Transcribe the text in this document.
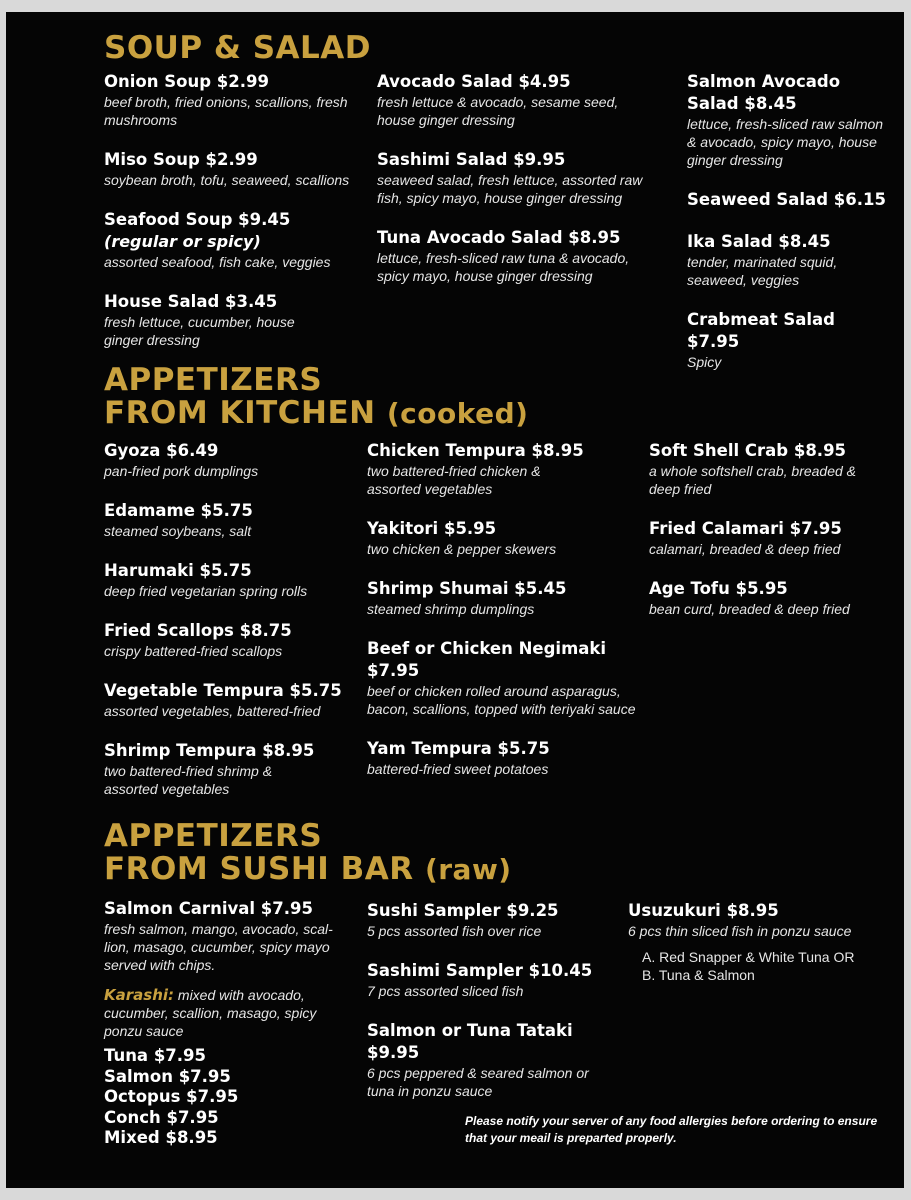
SOUP & SALAD
Onion Soup $2.99
beef broth, fried onions, scallions, fresh mushrooms
Miso Soup $2.99
soybean broth, tofu, seaweed, scallions
Seafood Soup $9.45
(regular or spicy)
assorted seafood, fish cake, veggies
House Salad $3.45
fresh lettuce, cucumber, house ginger dressing
Avocado Salad $4.95
fresh lettuce & avocado, sesame seed, house ginger dressing
Sashimi Salad $9.95
seaweed salad, fresh lettuce, assorted raw fish, spicy mayo, house ginger dressing
Tuna Avocado Salad $8.95
lettuce, fresh-sliced raw tuna & avocado, spicy mayo, house ginger dressing
Salmon Avocado Salad $8.45
lettuce, fresh-sliced raw salmon & avocado, spicy mayo, house ginger dressing
Seaweed Salad $6.15
Ika Salad $8.45
tender, marinated squid, seaweed, veggies
Crabmeat Salad $7.95
Spicy
APPETIZERS
FROM KITCHEN (cooked)
Gyoza $6.49
pan-fried pork dumplings
Edamame $5.75
steamed soybeans, salt
Harumaki $5.75
deep fried vegetarian spring rolls
Fried Scallops $8.75
crispy battered-fried scallops
Vegetable Tempura $5.75
assorted vegetables, battered-fried
Shrimp Tempura $8.95
two battered-fried shrimp & assorted vegetables
Chicken Tempura $8.95
two battered-fried chicken & assorted vegetables
Yakitori $5.95
two chicken & pepper skewers
Shrimp Shumai $5.45
steamed shrimp dumplings
Beef or Chicken Negimaki $7.95
beef or chicken rolled around asparagus, bacon, scallions, topped with teriyaki sauce
Yam Tempura $5.75
battered-fried sweet potatoes
Soft Shell Crab $8.95
a whole softshell crab, breaded & deep fried
Fried Calamari $7.95
calamari, breaded & deep fried
Age Tofu $5.95
bean curd, breaded & deep fried
APPETIZERS
FROM SUSHI BAR (raw)
Salmon Carnival $7.95
fresh salmon, mango, avocado, scal-lion, masago, cucumber, spicy mayo served with chips.
Karashi: mixed with avocado, cucumber, scallion, masago, spicy ponzu sauce
Tuna $7.95
Salmon $7.95
Octopus $7.95
Conch $7.95
Mixed $8.95
Sushi Sampler $9.25
5 pcs assorted fish over rice
Sashimi Sampler $10.45
7 pcs assorted sliced fish
Salmon or Tuna Tataki $9.95
6 pcs peppered & seared salmon or tuna in ponzu sauce
Usuzukuri $8.95
6 pcs thin sliced fish in ponzu sauce
A. Red Snapper & White Tuna OR
B. Tuna & Salmon
Please notify your server of any food allergies before ordering to ensure that your meail is preparted properly.
